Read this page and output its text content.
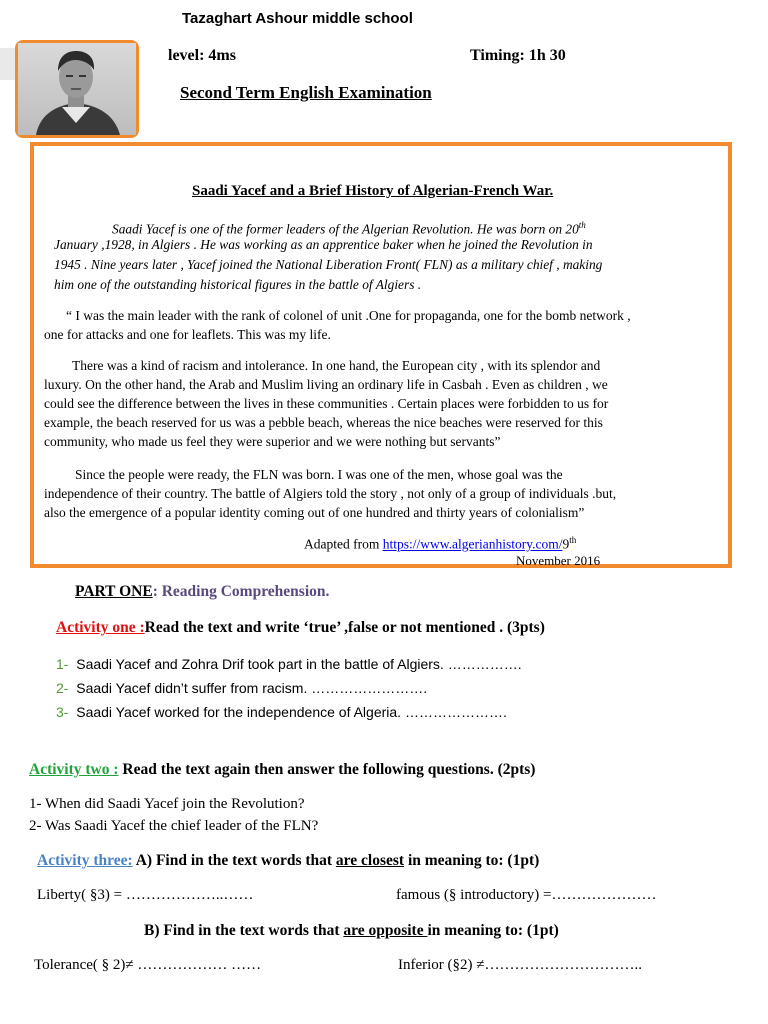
Tazaghart Ashour middle school
level: 4ms	Timing: 1h 30
Second Term English Examination
Saadi Yacef and a Brief History of Algerian-French War.
Saadi Yacef is one of the former leaders of the Algerian Revolution. He was born on 20th
January ,1928, in Algiers . He was working as an apprentice baker when he joined the Revolution in
1945 . Nine years later , Yacef joined the National Liberation Front( FLN) as a military chief , making
him one of the outstanding historical figures in the battle of Algiers .
“ I was the main leader with the rank of colonel of unit .One for propaganda, one for the bomb network ,
one for attacks and one for leaflets. This was my life.
There was a kind of racism and intolerance. In one hand, the European city , with its splendor and
luxury. On the other hand, the Arab and Muslim living an ordinary life in Casbah . Even as children , we
could see the difference between the lives in these communities . Certain places were forbidden to us for
example, the beach reserved for us was a pebble beach, whereas the nice beaches were reserved for this
community, who made us feel they were superior and we were nothing but servants”
Since the people were ready, the FLN was born. I was one of the men, whose goal was the
independence of their country. The battle of Algiers told the story , not only of a group of individuals .but,
also the emergence of a popular identity coming out of one hundred and thirty years of colonialism”
Adapted from https://www.algerianhistory.com/9th
November 2016
PART ONE: Reading Comprehension.
Activity one :Read the text and write ‘true’ ,false or not mentioned . (3pts)
1- Saadi Yacef and Zohra Drif took part in the battle of Algiers. …………….
2- Saadi Yacef didn’t suffer from racism. …………………….
3- Saadi Yacef worked for the independence of Algeria. ………………….
Activity two : Read the text again then answer the following questions. (2pts)
1- When did Saadi Yacef join the Revolution?
2- Was Saadi Yacef the chief leader of the FLN?
Activity three: A) Find in the text words that are closest in meaning to: (1pt)
Liberty( §3) = ………………..……	famous (§ introductory) =…………………
B) Find in the text words that are opposite in meaning to: (1pt)
Tolerance( § 2)≠ ……………… ……	Inferior (§2) ≠…………………………..
